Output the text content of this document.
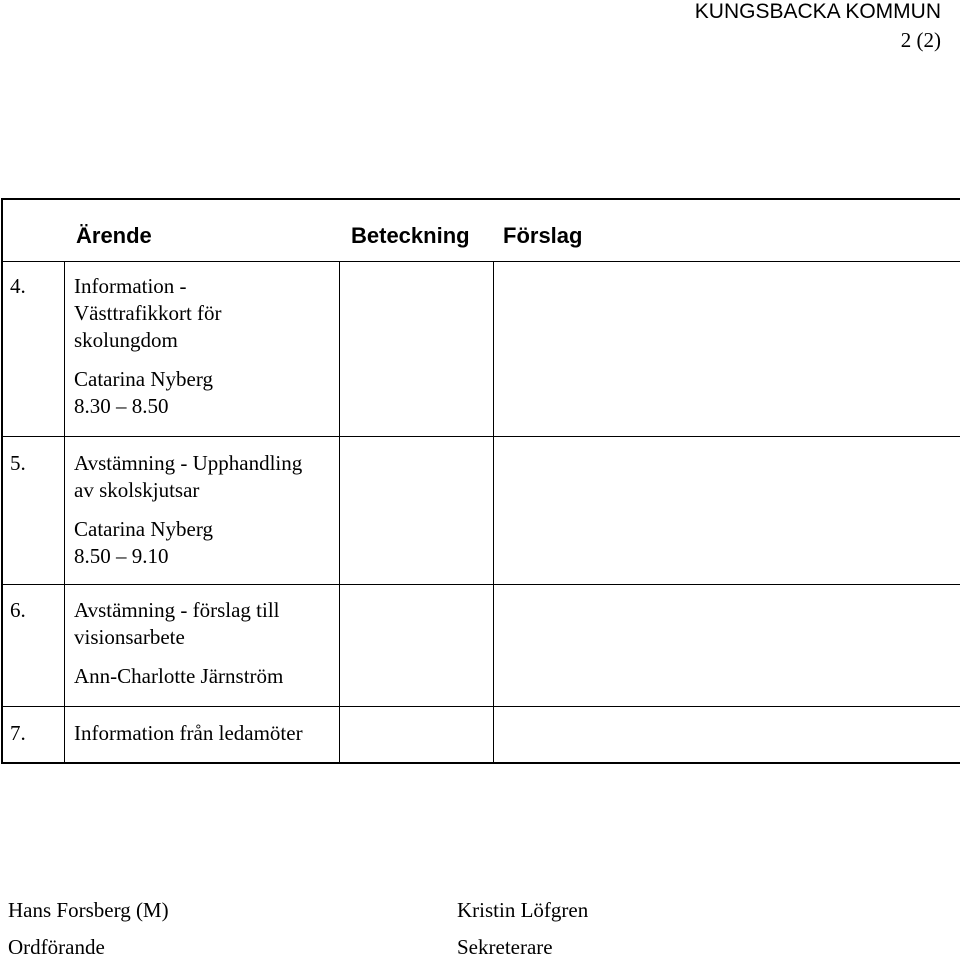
KUNGSBACKA KOMMUN
2 (2)
Ärende	Beteckning Förslag
4. Information -
Västtrafikkort för
skolungdom
Catarina Nyberg
8.30 – 8.50
5. Avstämning - Upphandling
av skolskjutsar
Catarina Nyberg
8.50 – 9.10
6. Avstämning - förslag till
visionsarbete
Ann-Charlotte Järnström
7. Information från ledamöter
Hans Forsberg (M)
Ordförande
Kristin Löfgren
Sekreterare
